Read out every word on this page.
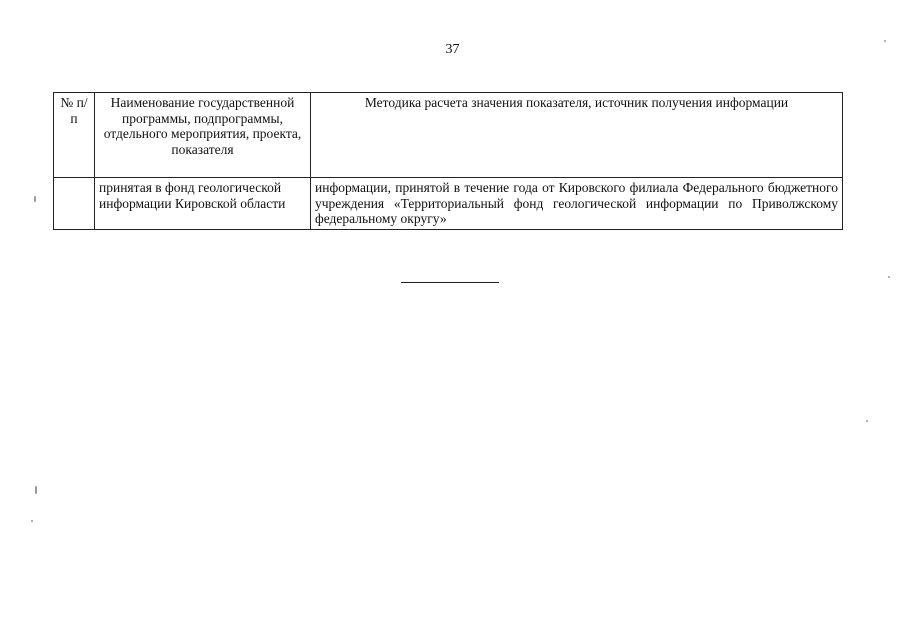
37
№ п/п	Наименование государственной программы, подпрограммы, отдельного мероприятия, проекта, показателя	Методика расчета значения показателя, источник получения информации
	принятая в фонд геологической информации Кировской области	информации, принятой в течение года от Кировского филиала Федерального бюджетного учреждения «Территориальный фонд геологической информации по Приволжскому федеральному округу»
